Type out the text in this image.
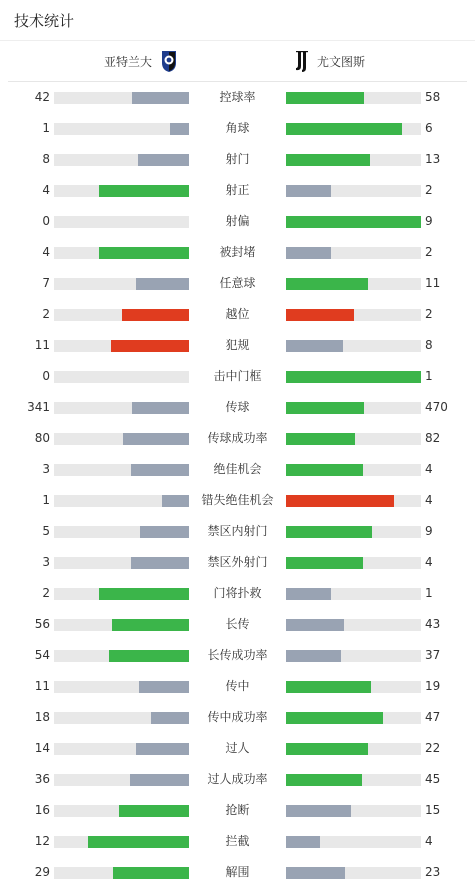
技术统计
亚特兰大	尤文图斯
42	控球率	58
1	角球	6
8	射门	13
4	射正	2
0	射偏	9
4	被封堵	2
7	任意球	11
2	越位	2
11	犯规	8
0	击中门框	1
341	传球	470
80	传球成功率	82
3	绝佳机会	4
1	错失绝佳机会	4
5	禁区内射门	9
3	禁区外射门	4
2	门将扑救	1
56	长传	43
54	长传成功率	37
11	传中	19
18	传中成功率	47
14	过人	22
36	过人成功率	45
16	抢断	15
12	拦截	4
29	解围	23
